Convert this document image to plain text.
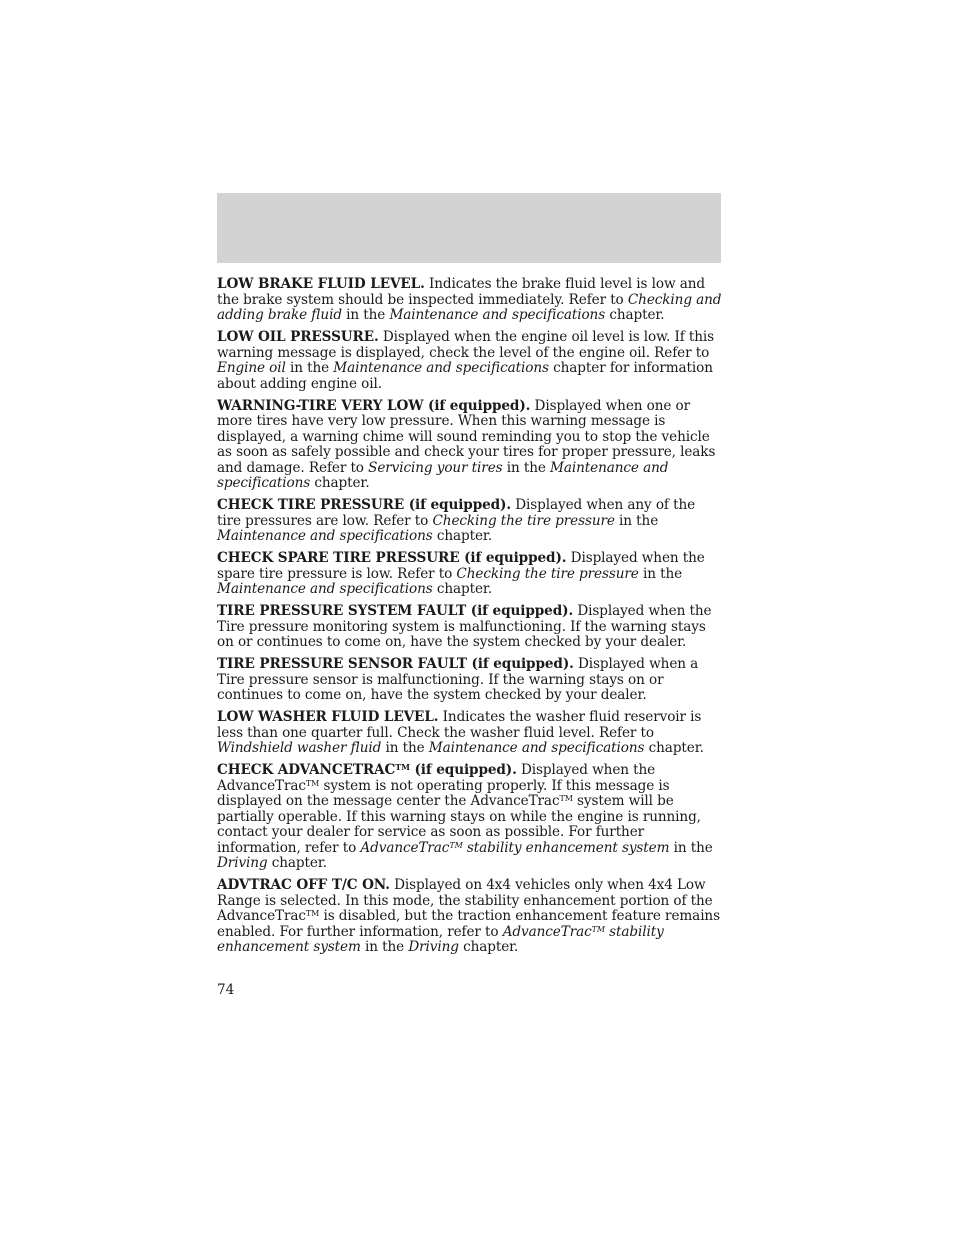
LOW BRAKE FLUID LEVEL. Indicates the brake fluid level is low and the brake system should be inspected immediately. Refer to Checking and adding brake fluid in the Maintenance and specifications chapter.

LOW OIL PRESSURE. Displayed when the engine oil level is low. If this warning message is displayed, check the level of the engine oil. Refer to Engine oil in the Maintenance and specifications chapter for information about adding engine oil.

WARNING-TIRE VERY LOW (if equipped). Displayed when one or more tires have very low pressure. When this warning message is displayed, a warning chime will sound reminding you to stop the vehicle as soon as safely possible and check your tires for proper pressure, leaks and damage. Refer to Servicing your tires in the Maintenance and specifications chapter.

CHECK TIRE PRESSURE (if equipped). Displayed when any of the tire pressures are low. Refer to Checking the tire pressure in the Maintenance and specifications chapter.

CHECK SPARE TIRE PRESSURE (if equipped). Displayed when the spare tire pressure is low. Refer to Checking the tire pressure in the Maintenance and specifications chapter.

TIRE PRESSURE SYSTEM FAULT (if equipped). Displayed when the Tire pressure monitoring system is malfunctioning. If the warning stays on or continues to come on, have the system checked by your dealer.

TIRE PRESSURE SENSOR FAULT (if equipped). Displayed when a Tire pressure sensor is malfunctioning. If the warning stays on or continues to come on, have the system checked by your dealer.

LOW WASHER FLUID LEVEL. Indicates the washer fluid reservoir is less than one quarter full. Check the washer fluid level. Refer to Windshield washer fluid in the Maintenance and specifications chapter.

CHECK ADVANCETRAC™ (if equipped). Displayed when the AdvanceTrac™ system is not operating properly. If this message is displayed on the message center the AdvanceTrac™ system will be partially operable. If this warning stays on while the engine is running, contact your dealer for service as soon as possible. For further information, refer to AdvanceTrac™ stability enhancement system in the Driving chapter.

ADVTRAC OFF T/C ON. Displayed on 4x4 vehicles only when 4x4 Low Range is selected. In this mode, the stability enhancement portion of the AdvanceTrac™ is disabled, but the traction enhancement feature remains enabled. For further information, refer to AdvanceTrac™ stability enhancement system in the Driving chapter.

74
